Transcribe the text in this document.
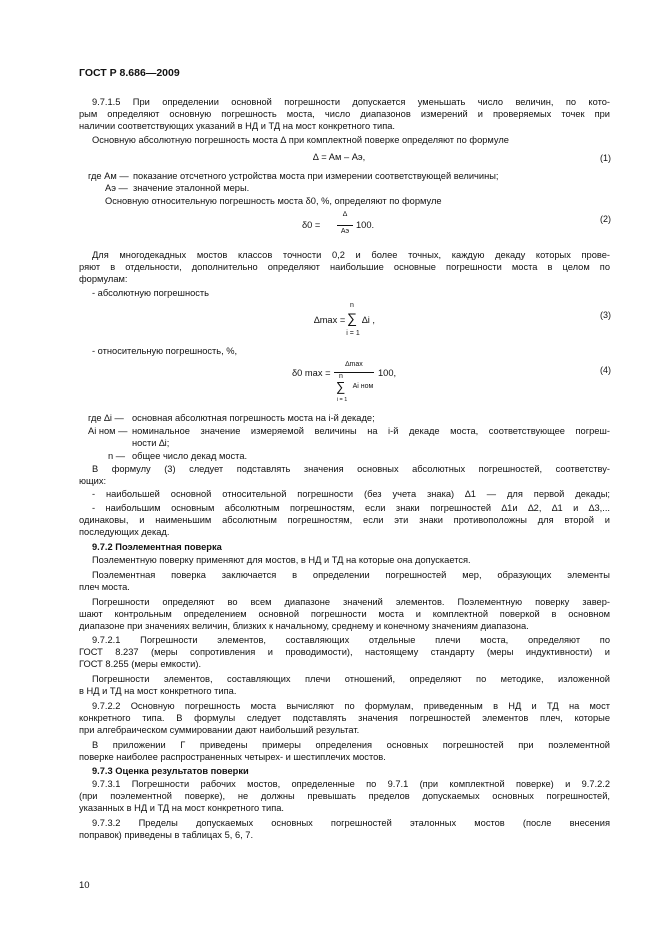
ГОСТ Р 8.686—2009
9.7.1.5 При определении основной погрешности допускается уменьшать число величин, по кото-
рым определяют основную погрешность моста, число диапазонов измерений и проверяемых точек при
наличии соответствующих указаний в НД и ТД на мост конкретного типа.
Основную абсолютную погрешность моста ∆ при комплектной поверке определяют по формуле
∆ = Aм – Aэ,	(1)
где Aм — показание отсчетного устройства моста при измерении соответствующей величины;
Aэ — значение эталонной меры.
Основную относительную погрешность моста δ0, %, определяют по формуле
δ0 =
∆
Aэ
100.
(2)
Для многодекадных мостов классов точности 0,2 и более точных, каждую декаду которых прове-
ряют в отдельности, дополнительно определяют наибольшие основные погрешности моста в целом по
формулам:
- абсолютную погрешность
∆max =
n
∑
i = 1
∆i ,	(3)
- относительную погрешность, %,
δ0 max =
∆max
n
∑
i = 1
Ai ном
100,	(4)
где ∆i — основная абсолютная погрешность моста на i-й декаде;
Ai ном — номинальное значение измеряемой величины на i-й декаде моста, соответствующее погреш-
ности ∆i;
n — общее число декад моста.
В формулу (3) следует подставлять значения основных абсолютных погрешностей, соответству-
ющих:
- наибольшей основной относительной погрешности (без учета знака) ∆1 — для первой декады;
- наибольшим основным абсолютным погрешностям, если знаки погрешностей ∆1и ∆2, ∆1 и ∆3,...
одинаковы, и наименьшим абсолютным погрешностям, если эти знаки противоположны для второй и
последующих декад.
9.7.2 Поэлементная поверка
Поэлементную поверку применяют для мостов, в НД и ТД на которые она допускается.
Поэлементная поверка заключается в определении погрешностей мер, образующих элементы
плеч моста.
Погрешности определяют во всем диапазоне значений элементов. Поэлементную поверку завер-
шают контрольным определением основной погрешности моста и комплектной поверкой в основном
диапазоне при значениях величин, близких к начальному, среднему и конечному значениям диапазона.
9.7.2.1 Погрешности элементов, составляющих отдельные плечи моста, определяют по
ГОСТ 8.237 (меры сопротивления и проводимости), настоящему стандарту (меры индуктивности) и
ГОСТ 8.255 (меры емкости).
Погрешности элементов, составляющих плечи отношений, определяют по методике, изложенной
в НД и ТД на мост конкретного типа.
9.7.2.2 Основную погрешность моста вычисляют по формулам, приведенным в НД и ТД на мост
конкретного типа. В формулы следует подставлять значения погрешностей элементов плеч, которые
при алгебраическом суммировании дают наибольший результат.
В приложении Г приведены примеры определения основных погрешностей при поэлементной
поверке наиболее распространенных четырех- и шестиплечих мостов.
9.7.3 Оценка результатов поверки
9.7.3.1 Погрешности рабочих мостов, определенные по 9.7.1 (при комплектной поверке) и 9.7.2.2
(при поэлементной поверке), не должны превышать пределов допускаемых основных погрешностей,
указанных в НД и ТД на мост конкретного типа.
9.7.3.2 Пределы допускаемых основных погрешностей эталонных мостов (после внесения
поправок) приведены в таблицах 5, 6, 7.
10
